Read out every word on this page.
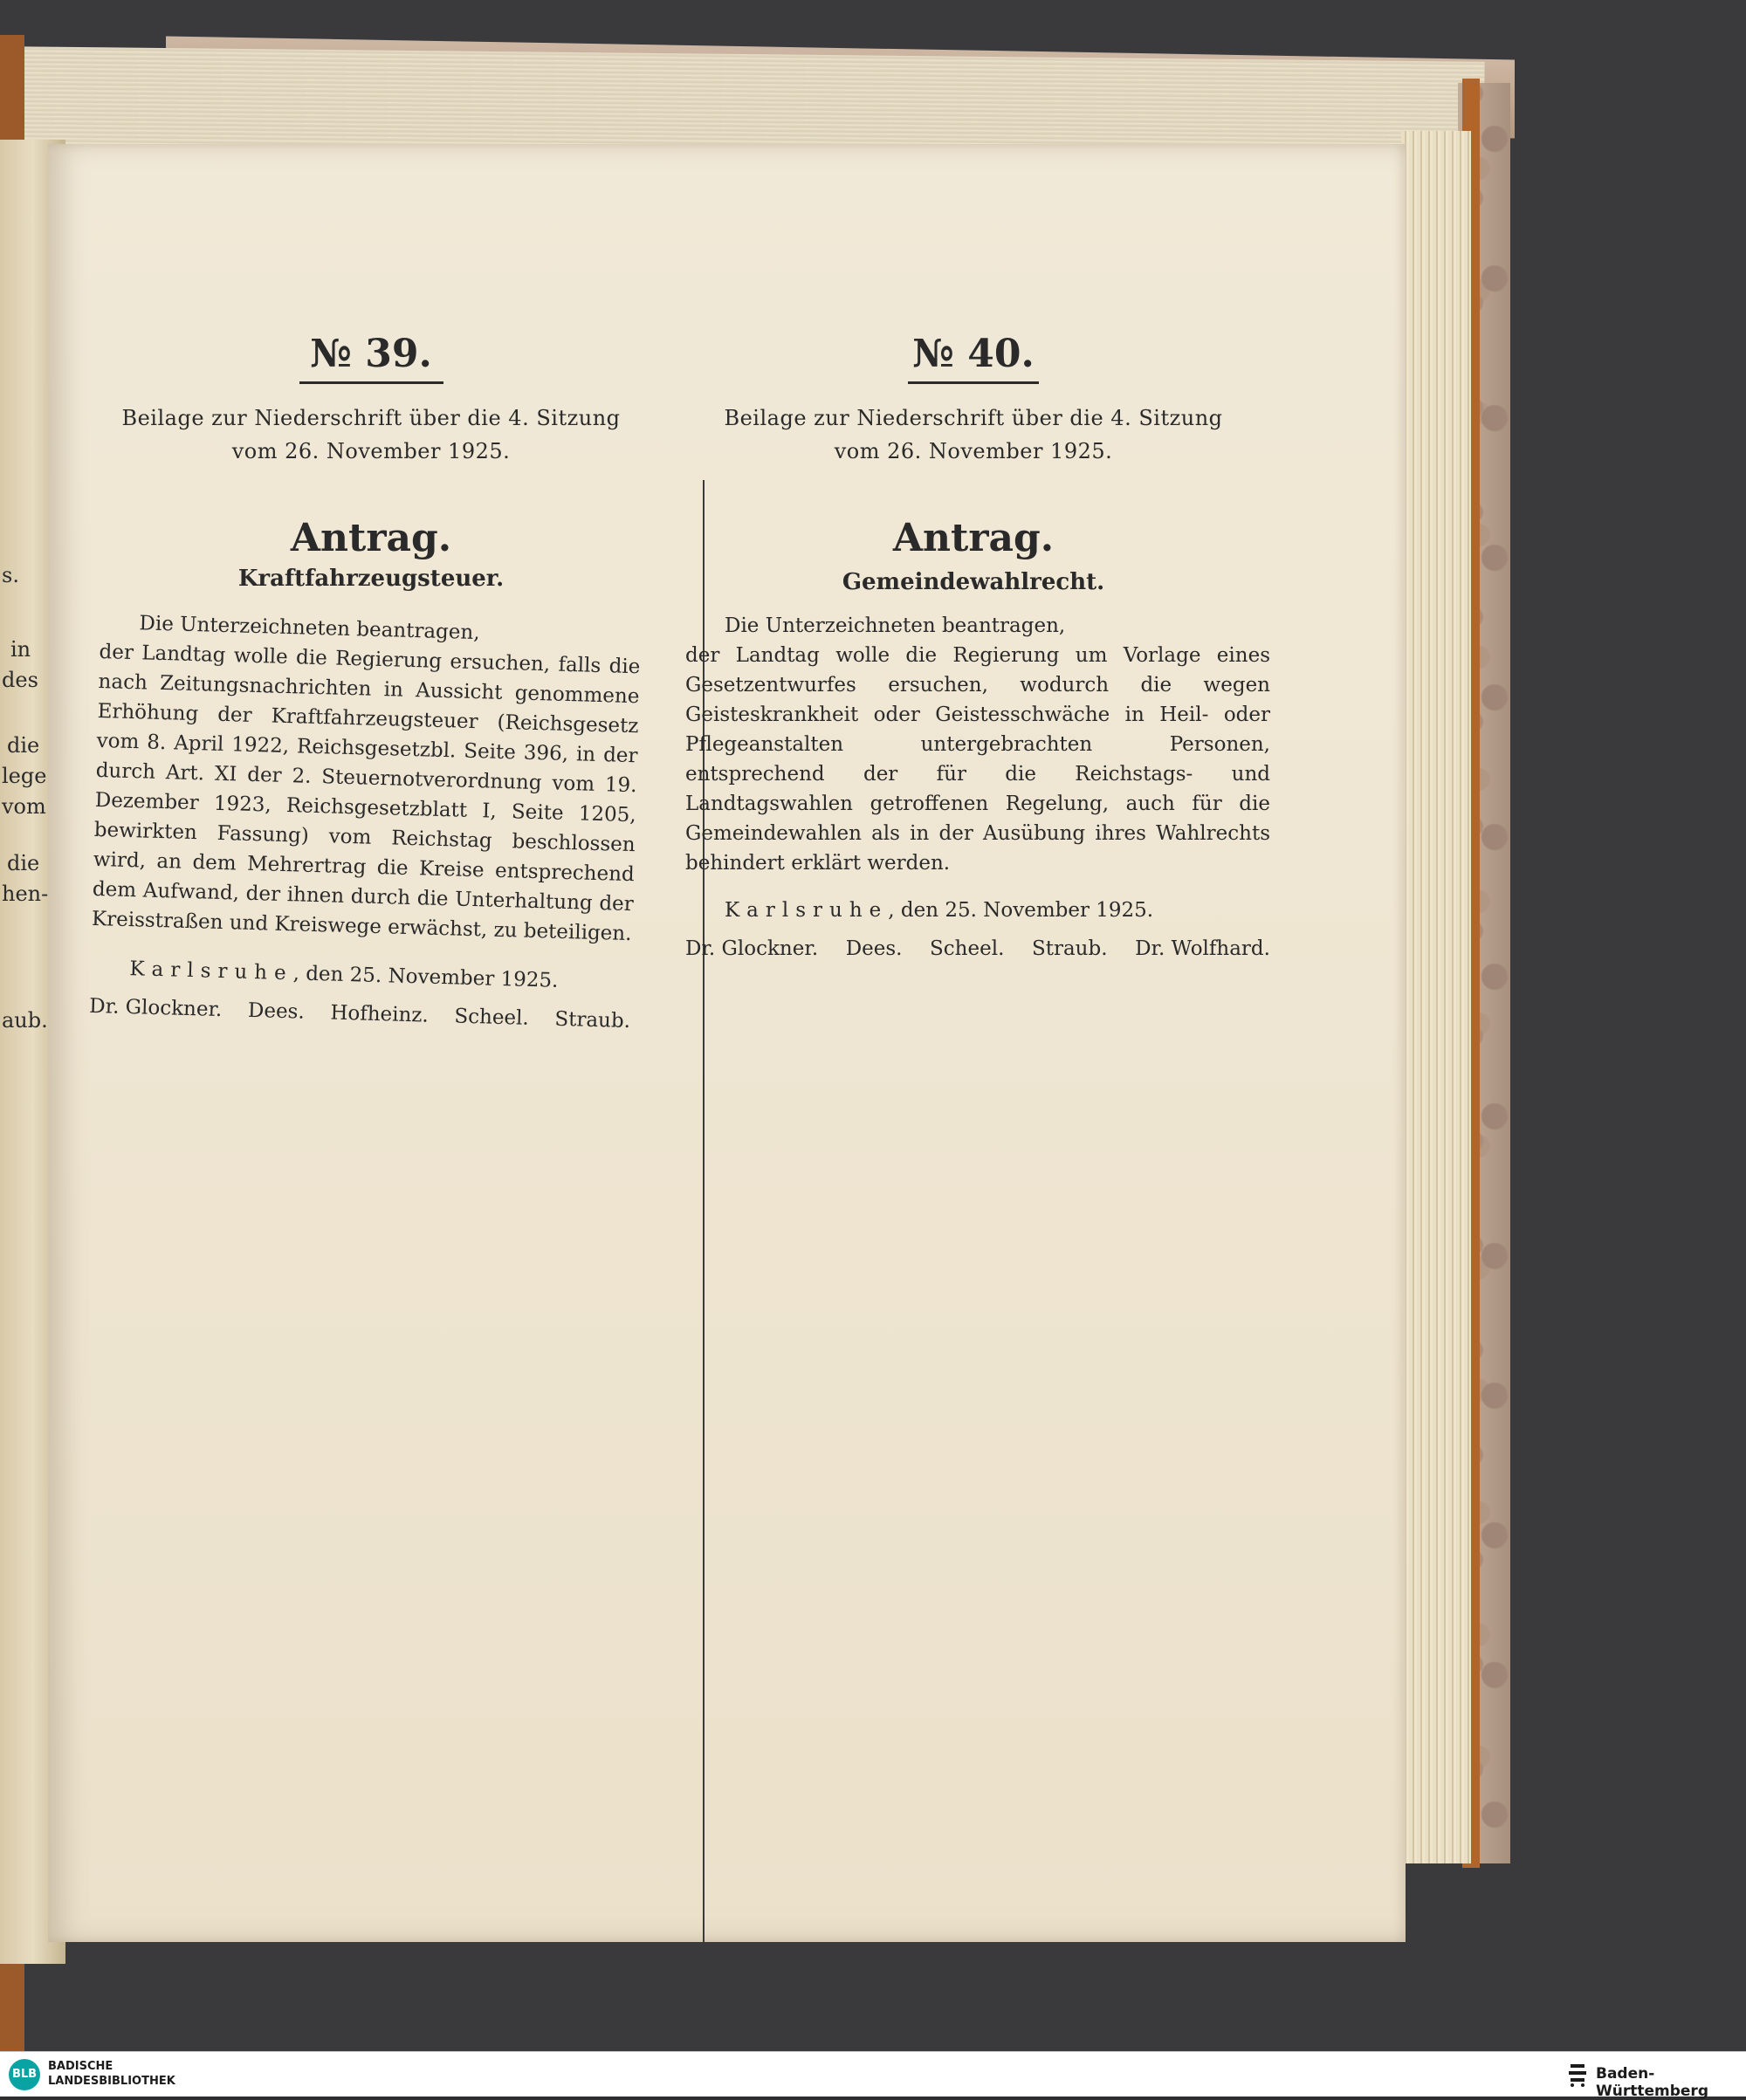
s.
in
des
die
lege
vom
die
hen-
aub.
№ 39.
Beilage zur Niederschrift über die 4. Sitzung
vom 26. November 1925.
Antrag.
Kraftfahrzeugsteuer.
Die Unterzeichneten beantragen,
der Landtag wolle die Regierung ersuchen, falls die nach Zeitungsnachrichten in Aussicht genommene Erhöhung der Kraftfahrzeugsteuer (Reichsgesetz vom 8. April 1922, Reichsgesetzbl. Seite 396, in der durch Art. XI der 2. Steuernotverordnung vom 19. Dezember 1923, Reichsgesetzblatt I, Seite 1205, bewirkten Fassung) vom Reichstag beschlossen wird, an dem Mehrertrag die Kreise entsprechend dem Aufwand, der ihnen durch die Unterhaltung der Kreisstraßen und Kreiswege erwächst, zu beteiligen.
Karlsruhe, den 25. November 1925.
Dr. Glockner. Dees. Hofheinz. Scheel. Straub.
№ 40.
Beilage zur Niederschrift über die 4. Sitzung
vom 26. November 1925.
Antrag.
Gemeindewahlrecht.
Die Unterzeichneten beantragen,
der Landtag wolle die Regierung um Vorlage eines Gesetzentwurfes ersuchen, wodurch die wegen Geisteskrankheit oder Geistesschwäche in Heil- oder Pflegeanstalten untergebrachten Personen, entsprechend der für die Reichstags- und Landtagswahlen getroffenen Regelung, auch für die Gemeindewahlen als in der Ausübung ihres Wahlrechts behindert erklärt werden.
Karlsruhe, den 25. November 1925.
Dr. Glockner. Dees. Scheel. Straub. Dr. Wolfhard.
BLB
BADISCHE
LANDESBIBLIOTHEK	Baden-Württemberg
